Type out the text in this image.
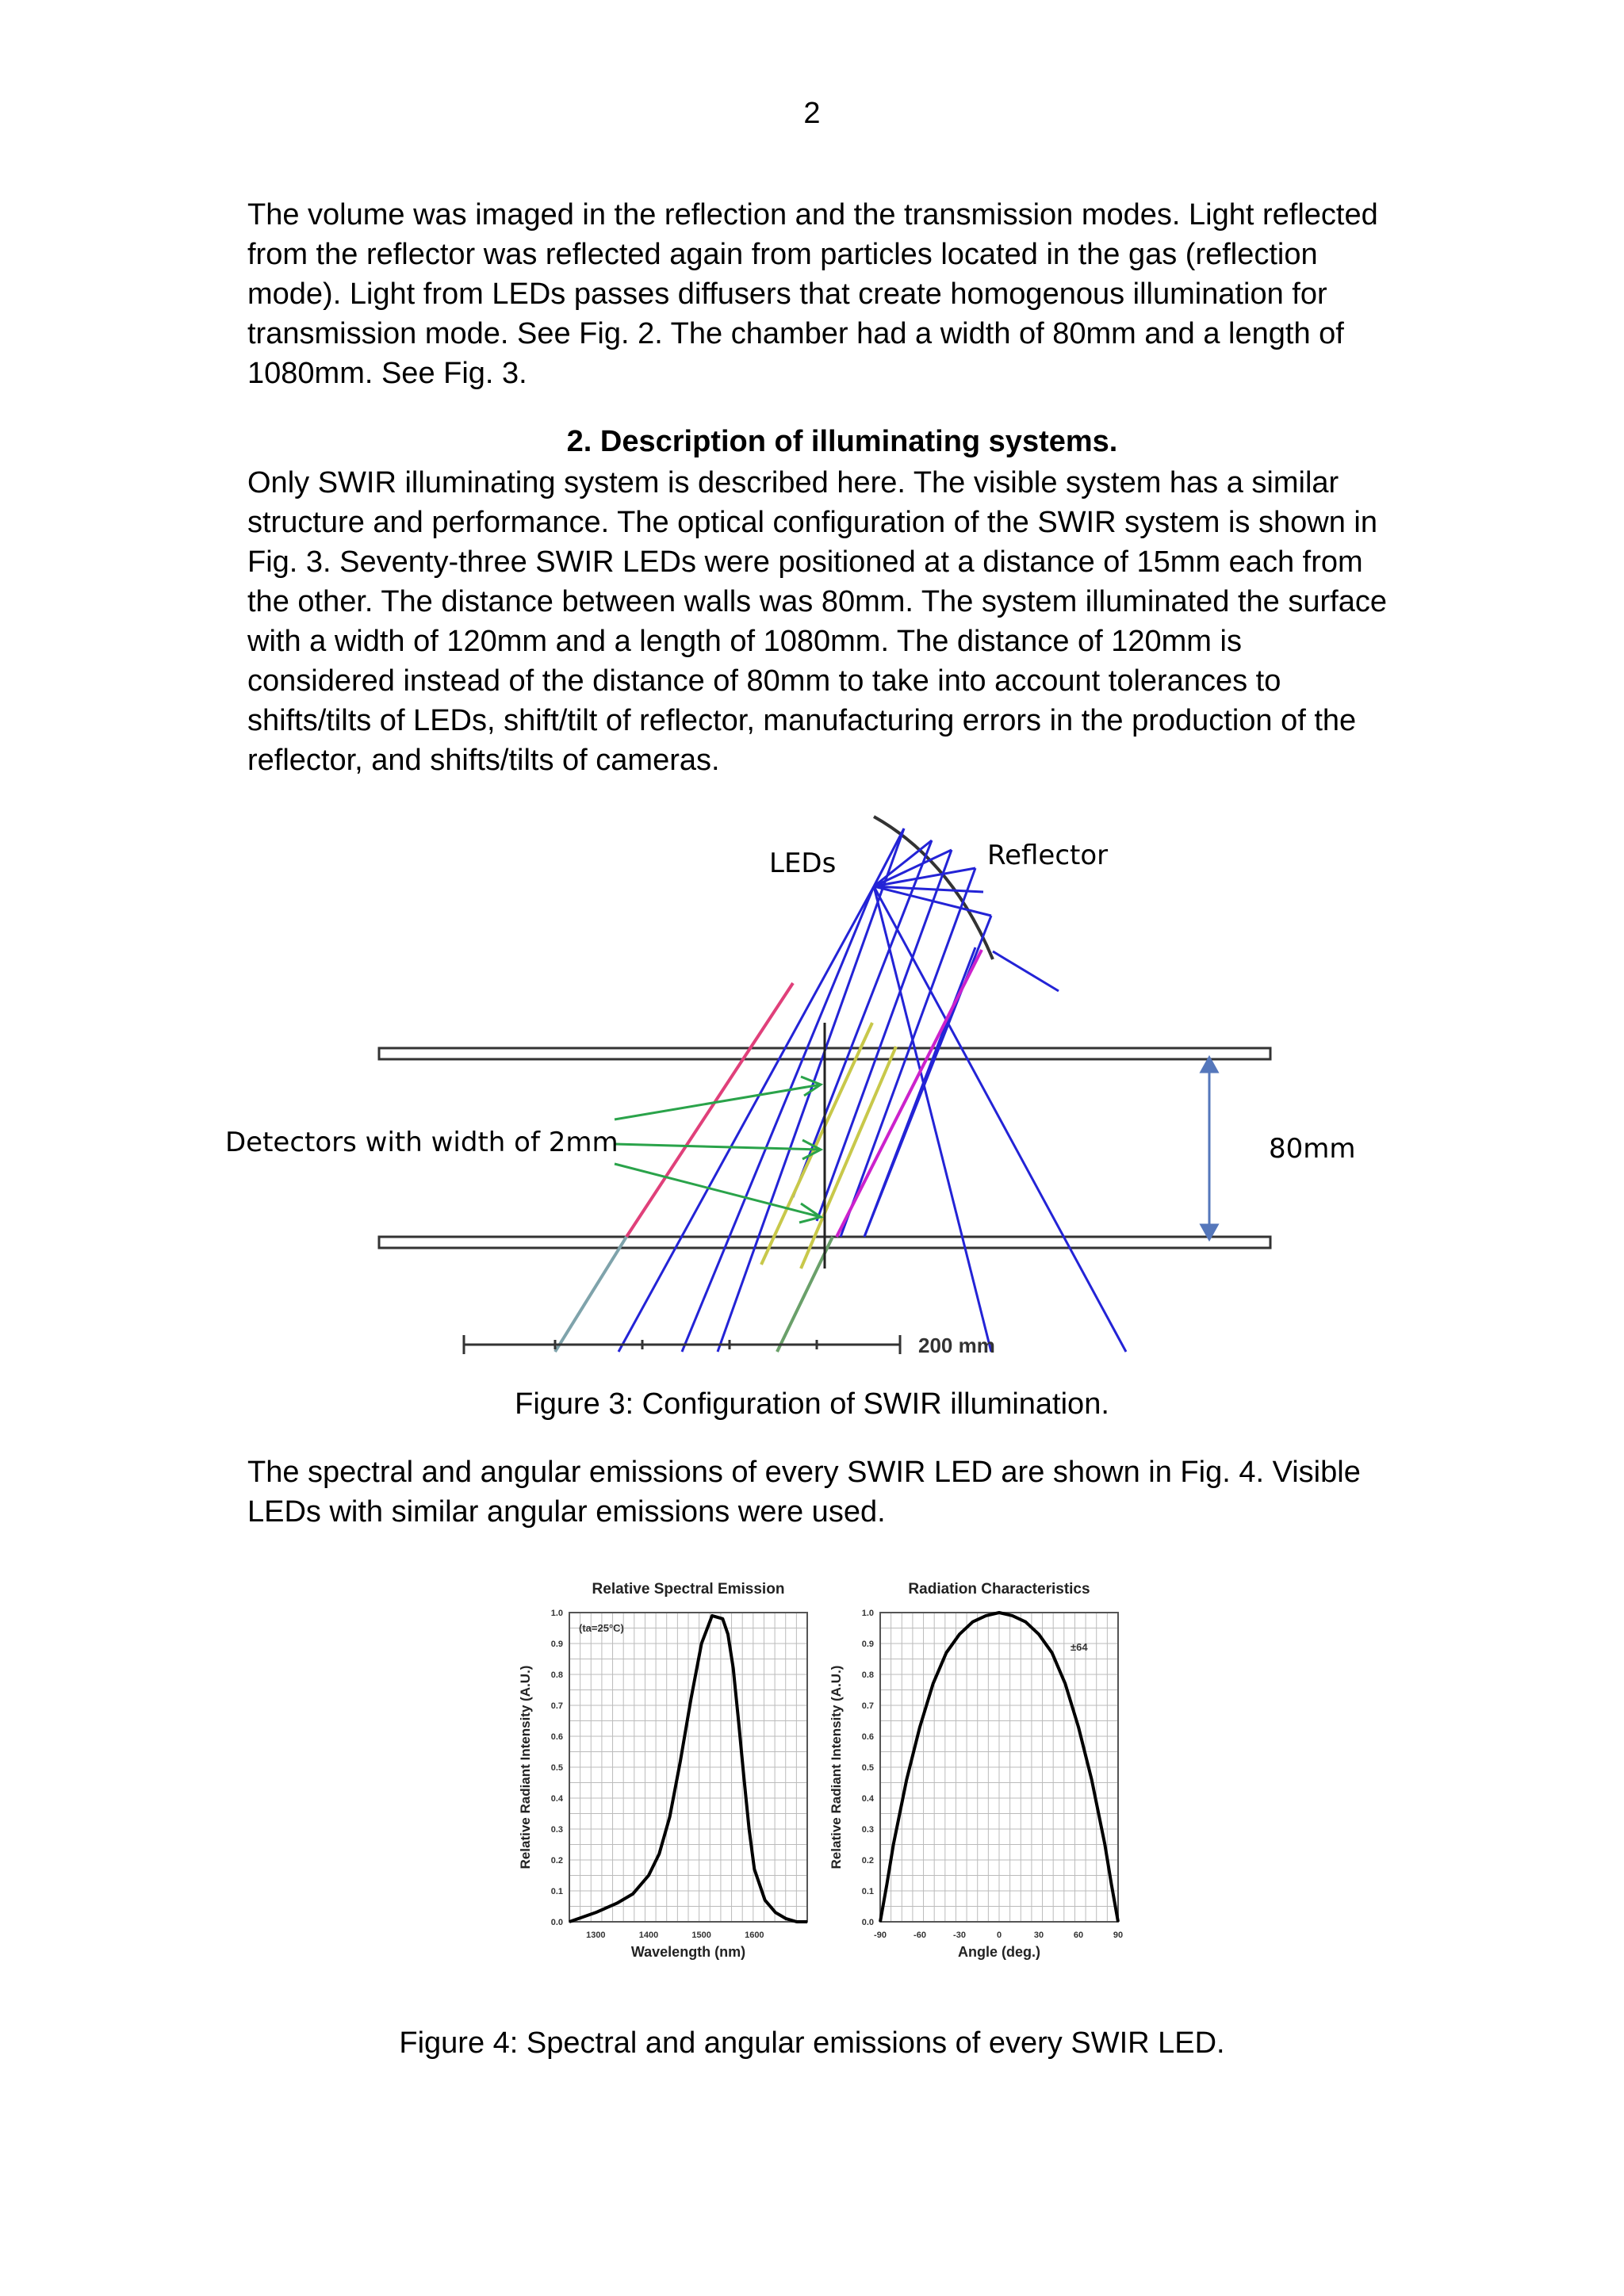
2

The volume was imaged in the reflection and the transmission modes. Light reflected from the reflector was reflected again from particles located in the gas (reflection mode). Light from LEDs passes diffusers that create homogenous illumination for transmission mode. See Fig. 2. The chamber had a width of 80mm and a length of 1080mm. See Fig. 3.

2. Description of illuminating systems.

Only SWIR illuminating system is described here. The visible system has a similar structure and performance. The optical configuration of the SWIR system is shown in Fig. 3. Seventy-three SWIR LEDs were positioned at a distance of 15mm each from the other. The distance between walls was 80mm. The system illuminated the surface with a width of 120mm and a length of 1080mm. The distance of 120mm is considered instead of the distance of 80mm to take into account tolerances to shifts/tilts of LEDs, shift/tilt of reflector, manufacturing errors in the production of the reflector, and shifts/tilts of cameras.

200 mm
LEDs	Reflector
Detectors with width of 2mm	80mm
Figure 3: Configuration of SWIR illumination.

The spectral and angular emissions of every SWIR LED are shown in Fig. 4. Visible LEDs with similar angular emissions were used.

Relative Spectral Emission
0.0
0.1
0.2
0.3
0.4
0.5
0.6
0.7
0.8
0.9
1.0
1300	1400	1500	1600
Wavelength (nm)
Relative Radiant Intensity (A.U.)
(ta=25°C)
Radiation Characteristics
0.0
0.1
0.2
0.3
0.4
0.5
0.6
0.7
0.8
0.9
1.0
-90	-60	-30	0	30	60	90
Angle (deg.)
Relative Radiant Intensity (A.U.)
±64
Figure 4: Spectral and angular emissions of every SWIR LED.
